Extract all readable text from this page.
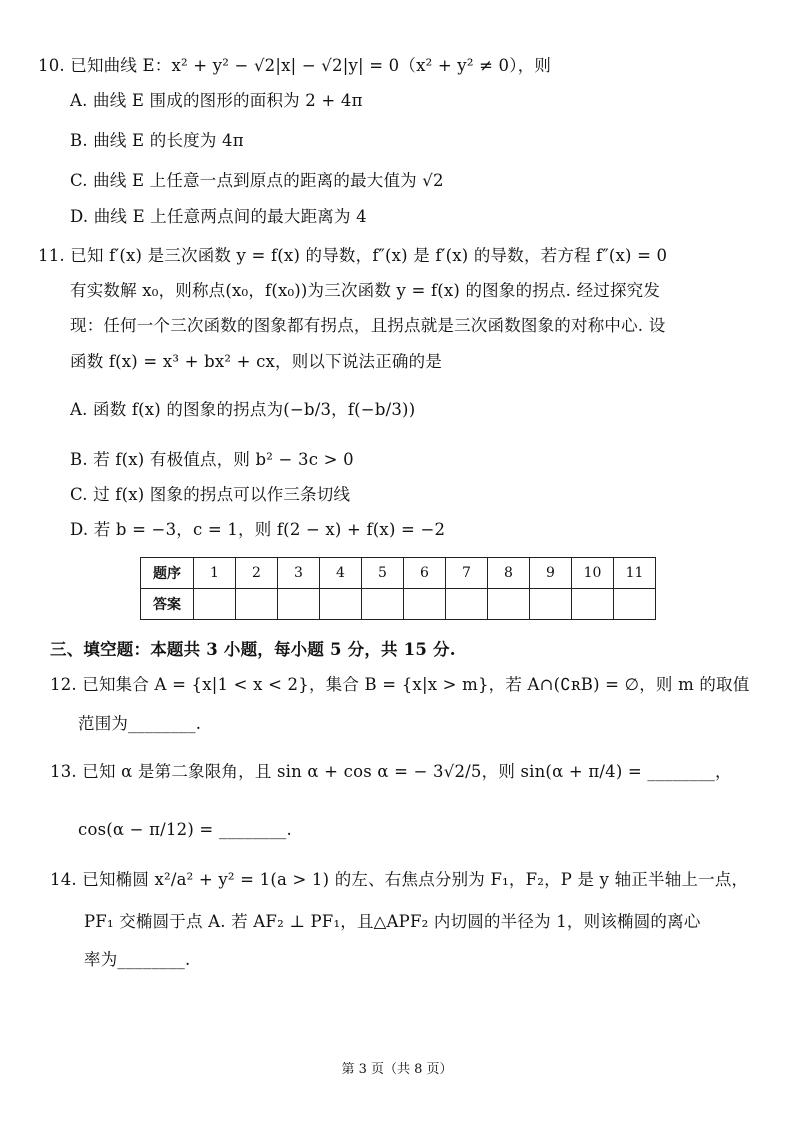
10. 已知曲线 E：x² + y² − √2|x| − √2|y| = 0（x² + y² ≠ 0），则
A. 曲线 E 围成的图形的面积为 2 + 4π
B. 曲线 E 的长度为 4π
C. 曲线 E 上任意一点到原点的距离的最大值为 √2
D. 曲线 E 上任意两点间的最大距离为 4
11. 已知 f′(x) 是三次函数 y = f(x) 的导数，f″(x) 是 f′(x) 的导数，若方程 f″(x) = 0
有实数解 x₀，则称点(x₀，f(x₀))为三次函数 y = f(x) 的图象的拐点. 经过探究发
现：任何一个三次函数的图象都有拐点，且拐点就是三次函数图象的对称中心. 设
函数 f(x) = x³ + bx² + cx，则以下说法正确的是
A. 函数 f(x) 的图象的拐点为(−b/3，f(−b/3))
B. 若 f(x) 有极值点，则 b² − 3c > 0
C. 过 f(x) 图象的拐点可以作三条切线
D. 若 b = −3，c = 1，则 f(2 − x) + f(x) = −2
题序	1	2	3	4	5	6	7	8	9	10	11
答案											
三、填空题：本题共 3 小题，每小题 5 分，共 15 分.
12. 已知集合 A = {x|1 < x < 2}，集合 B = {x|x > m}，若 A∩(∁ʀB) = ∅，则 m 的取值
范围为________.
13. 已知 α 是第二象限角，且 sin α + cos α = − 3√2/5，则 sin(α + π/4) = ________，
cos(α − π/12) = ________.
14. 已知椭圆 x²/a² + y² = 1(a > 1) 的左、右焦点分别为 F₁，F₂，P 是 y 轴正半轴上一点，
PF₁ 交椭圆于点 A. 若 AF₂ ⊥ PF₁，且△APF₂ 内切圆的半径为 1，则该椭圆的离心
率为________.
第 3 页（共 8 页）
